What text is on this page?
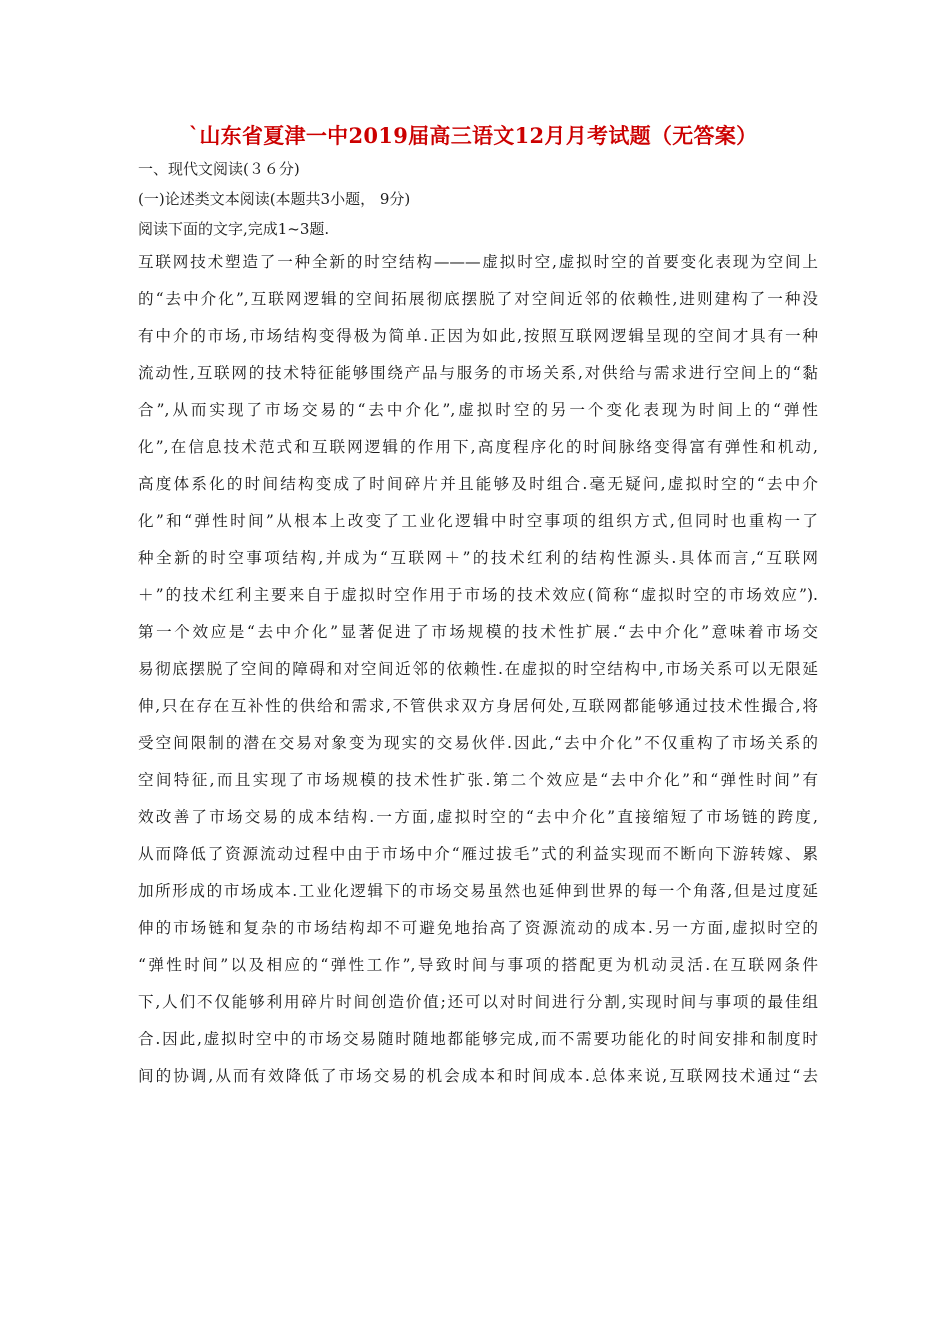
`山东省夏津一中2019届高三语文12月月考试题（无答案）
一、现代文阅读(３６分)
(一)论述类文本阅读(本题共3小题， 9分)
阅读下面的文字,完成1~3题.
互联网技术塑造了一种全新的时空结构———虚拟时空,虚拟时空的首要变化表现为空间上
的“去中介化”,互联网逻辑的空间拓展彻底摆脱了对空间近邻的依赖性,进则建构了一种没
有中介的市场,市场结构变得极为简单.正因为如此,按照互联网逻辑呈现的空间才具有一种
流动性,互联网的技术特征能够围绕产品与服务的市场关系,对供给与需求进行空间上的“黏
合”,从而实现了市场交易的“去中介化”,虚拟时空的另一个变化表现为时间上的“弹性
化”,在信息技术范式和互联网逻辑的作用下,高度程序化的时间脉络变得富有弹性和机动,
高度体系化的时间结构变成了时间碎片并且能够及时组合.毫无疑问,虚拟时空的“去中介
化”和“弹性时间”从根本上改变了工业化逻辑中时空事项的组织方式,但同时也重构一了
种全新的时空事项结构,并成为“互联网＋”的技术红利的结构性源头.具体而言,“互联网
＋”的技术红利主要来自于虚拟时空作用于市场的技术效应(简称“虚拟时空的市场效应”).
第一个效应是“去中介化”显著促进了市场规模的技术性扩展.“去中介化”意味着市场交
易彻底摆脱了空间的障碍和对空间近邻的依赖性.在虚拟的时空结构中,市场关系可以无限延
伸,只在存在互补性的供给和需求,不管供求双方身居何处,互联网都能够通过技术性撮合,将
受空间限制的潜在交易对象变为现实的交易伙伴.因此,“去中介化”不仅重构了市场关系的
空间特征,而且实现了市场规模的技术性扩张.第二个效应是“去中介化”和“弹性时间”有
效改善了市场交易的成本结构.一方面,虚拟时空的“去中介化”直接缩短了市场链的跨度,
从而降低了资源流动过程中由于市场中介“雁过拔毛”式的利益实现而不断向下游转嫁、累
加所形成的市场成本.工业化逻辑下的市场交易虽然也延伸到世界的每一个角落,但是过度延
伸的市场链和复杂的市场结构却不可避免地抬高了资源流动的成本.另一方面,虚拟时空的
“弹性时间”以及相应的“弹性工作”,导致时间与事项的搭配更为机动灵活.在互联网条件
下,人们不仅能够利用碎片时间创造价值;还可以对时间进行分割,实现时间与事项的最佳组
合.因此,虚拟时空中的市场交易随时随地都能够完成,而不需要功能化的时间安排和制度时
间的协调,从而有效降低了市场交易的机会成本和时间成本.总体来说,互联网技术通过“去
